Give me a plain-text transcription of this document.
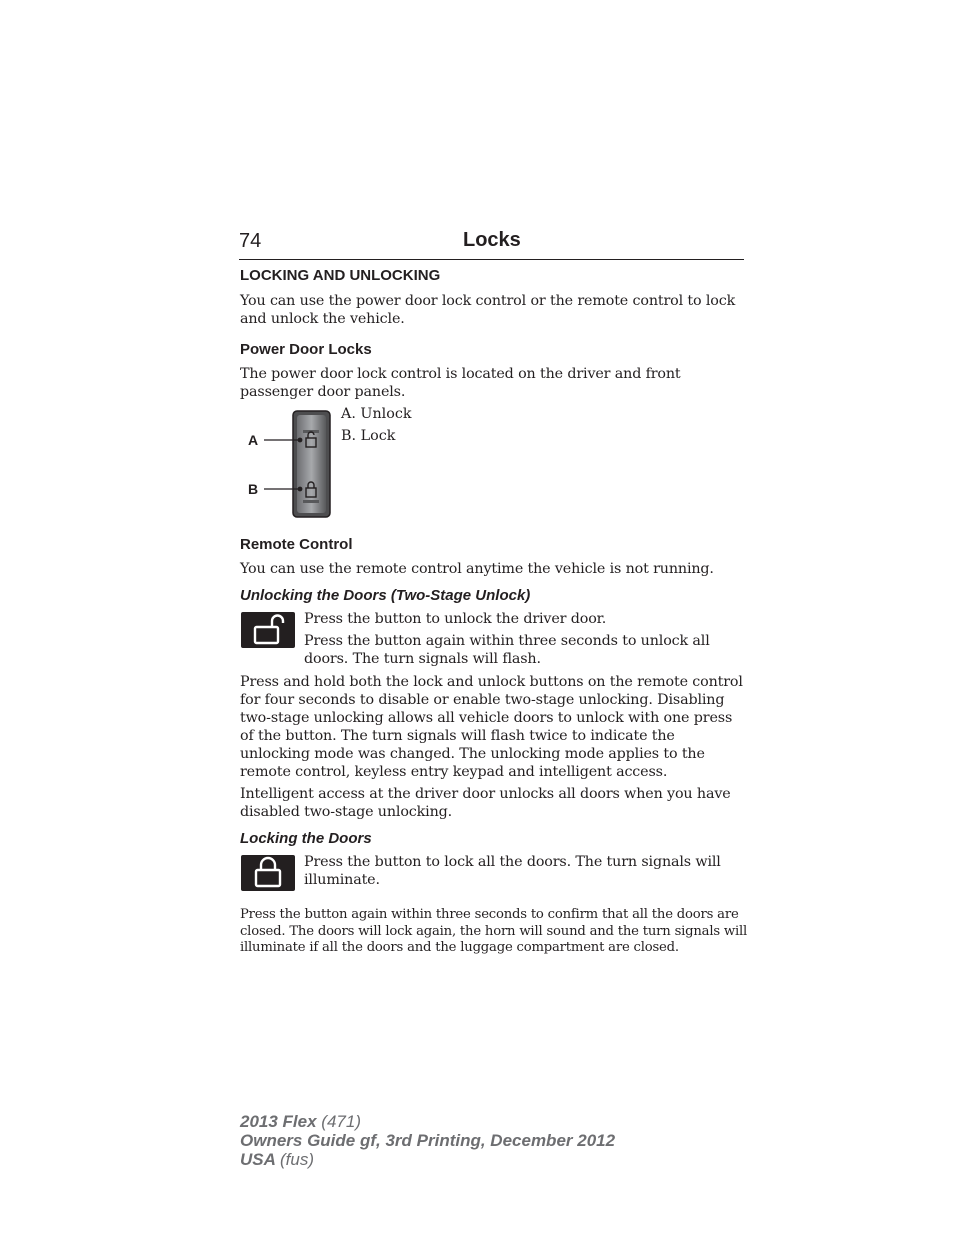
74	Locks
LOCKING AND UNLOCKING
You can use the power door lock control or the remote control to lock and unlock the vehicle.
Power Door Locks
The power door lock control is located on the driver and front passenger door panels.
A
B
A. Unlock
B. Lock
Remote Control
You can use the remote control anytime the vehicle is not running.
Unlocking the Doors (Two-Stage Unlock)
Press the button to unlock the driver door.
Press the button again within three seconds to unlock all doors. The turn signals will flash.
Press and hold both the lock and unlock buttons on the remote control for four seconds to disable or enable two-stage unlocking. Disabling two-stage unlocking allows all vehicle doors to unlock with one press of the button. The turn signals will flash twice to indicate the unlocking mode was changed. The unlocking mode applies to the remote control, keyless entry keypad and intelligent access.
Intelligent access at the driver door unlocks all doors when you have disabled two-stage unlocking.
Locking the Doors
Press the button to lock all the doors. The turn signals will illuminate.
Press the button again within three seconds to confirm that all the doors are closed. The doors will lock again, the horn will sound and the turn signals will illuminate if all the doors and the luggage compartment are closed.
2013 Flex (471)
Owners Guide gf, 3rd Printing, December 2012
USA (fus)
